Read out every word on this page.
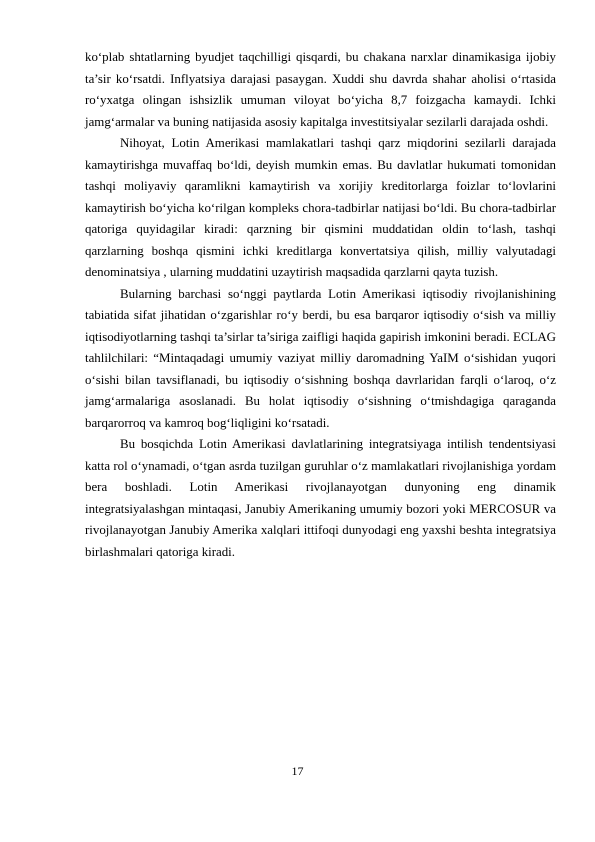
ko‘plab shtatlarning byudjet taqchilligi qisqardi, bu chakana narxlar dinamikasiga ijobiy ta’sir ko‘rsatdi. Inflyatsiya darajasi pasaygan. Xuddi shu davrda shahar aholisi o‘rtasida ro‘yxatga olingan ishsizlik umuman viloyat bo‘yicha 8,7 foizgacha kamaydi. Ichki jamg‘armalar va buning natijasida asosiy kapitalga investitsiyalar sezilarli darajada oshdi.

Nihoyat, Lotin Amerikasi mamlakatlari tashqi qarz miqdorini sezilarli darajada kamaytirishga muvaffaq bo‘ldi, deyish mumkin emas. Bu davlatlar hukumati tomonidan tashqi moliyaviy qaramlikni kamaytirish va xorijiy kreditorlarga foizlar to‘lovlarini kamaytirish bo‘yicha ko‘rilgan kompleks chora-tadbirlar natijasi bo‘ldi. Bu chora-tadbirlar qatoriga quyidagilar kiradi: qarzning bir qismini muddatidan oldin to‘lash, tashqi qarzlarning boshqa qismini ichki kreditlarga konvertatsiya qilish, milliy valyutadagi denominatsiya , ularning muddatini uzaytirish maqsadida qarzlarni qayta tuzish.

Bularning barchasi so‘nggi paytlarda Lotin Amerikasi iqtisodiy rivojlanishining tabiatida sifat jihatidan o‘zgarishlar ro‘y berdi, bu esa barqaror iqtisodiy o‘sish va milliy iqtisodiyotlarning tashqi ta’sirlar ta’siriga zaifligi haqida gapirish imkonini beradi. ECLAG tahlilchilari: “Mintaqadagi umumiy vaziyat milliy daromadning YaIM o‘sishidan yuqori o‘sishi bilan tavsiflanadi, bu iqtisodiy o‘sishning boshqa davrlaridan farqli o‘laroq, o‘z jamg‘armalariga asoslanadi. Bu holat iqtisodiy o‘sishning o‘tmishdagiga qaraganda barqarorroq va kamroq bog‘liqligini ko‘rsatadi.

Bu bosqichda Lotin Amerikasi davlatlarining integratsiyaga intilish tendentsiyasi katta rol o‘ynamadi, o‘tgan asrda tuzilgan guruhlar o‘z mamlakatlari rivojlanishiga yordam bera boshladi. Lotin Amerikasi rivojlanayotgan dunyoning eng dinamik integratsiyalashgan mintaqasi, Janubiy Amerikaning umumiy bozori yoki MERCOSUR va rivojlanayotgan Janubiy Amerika xalqlari ittifoqi dunyodagi eng yaxshi beshta integratsiya birlashmalari qatoriga kiradi.

17
